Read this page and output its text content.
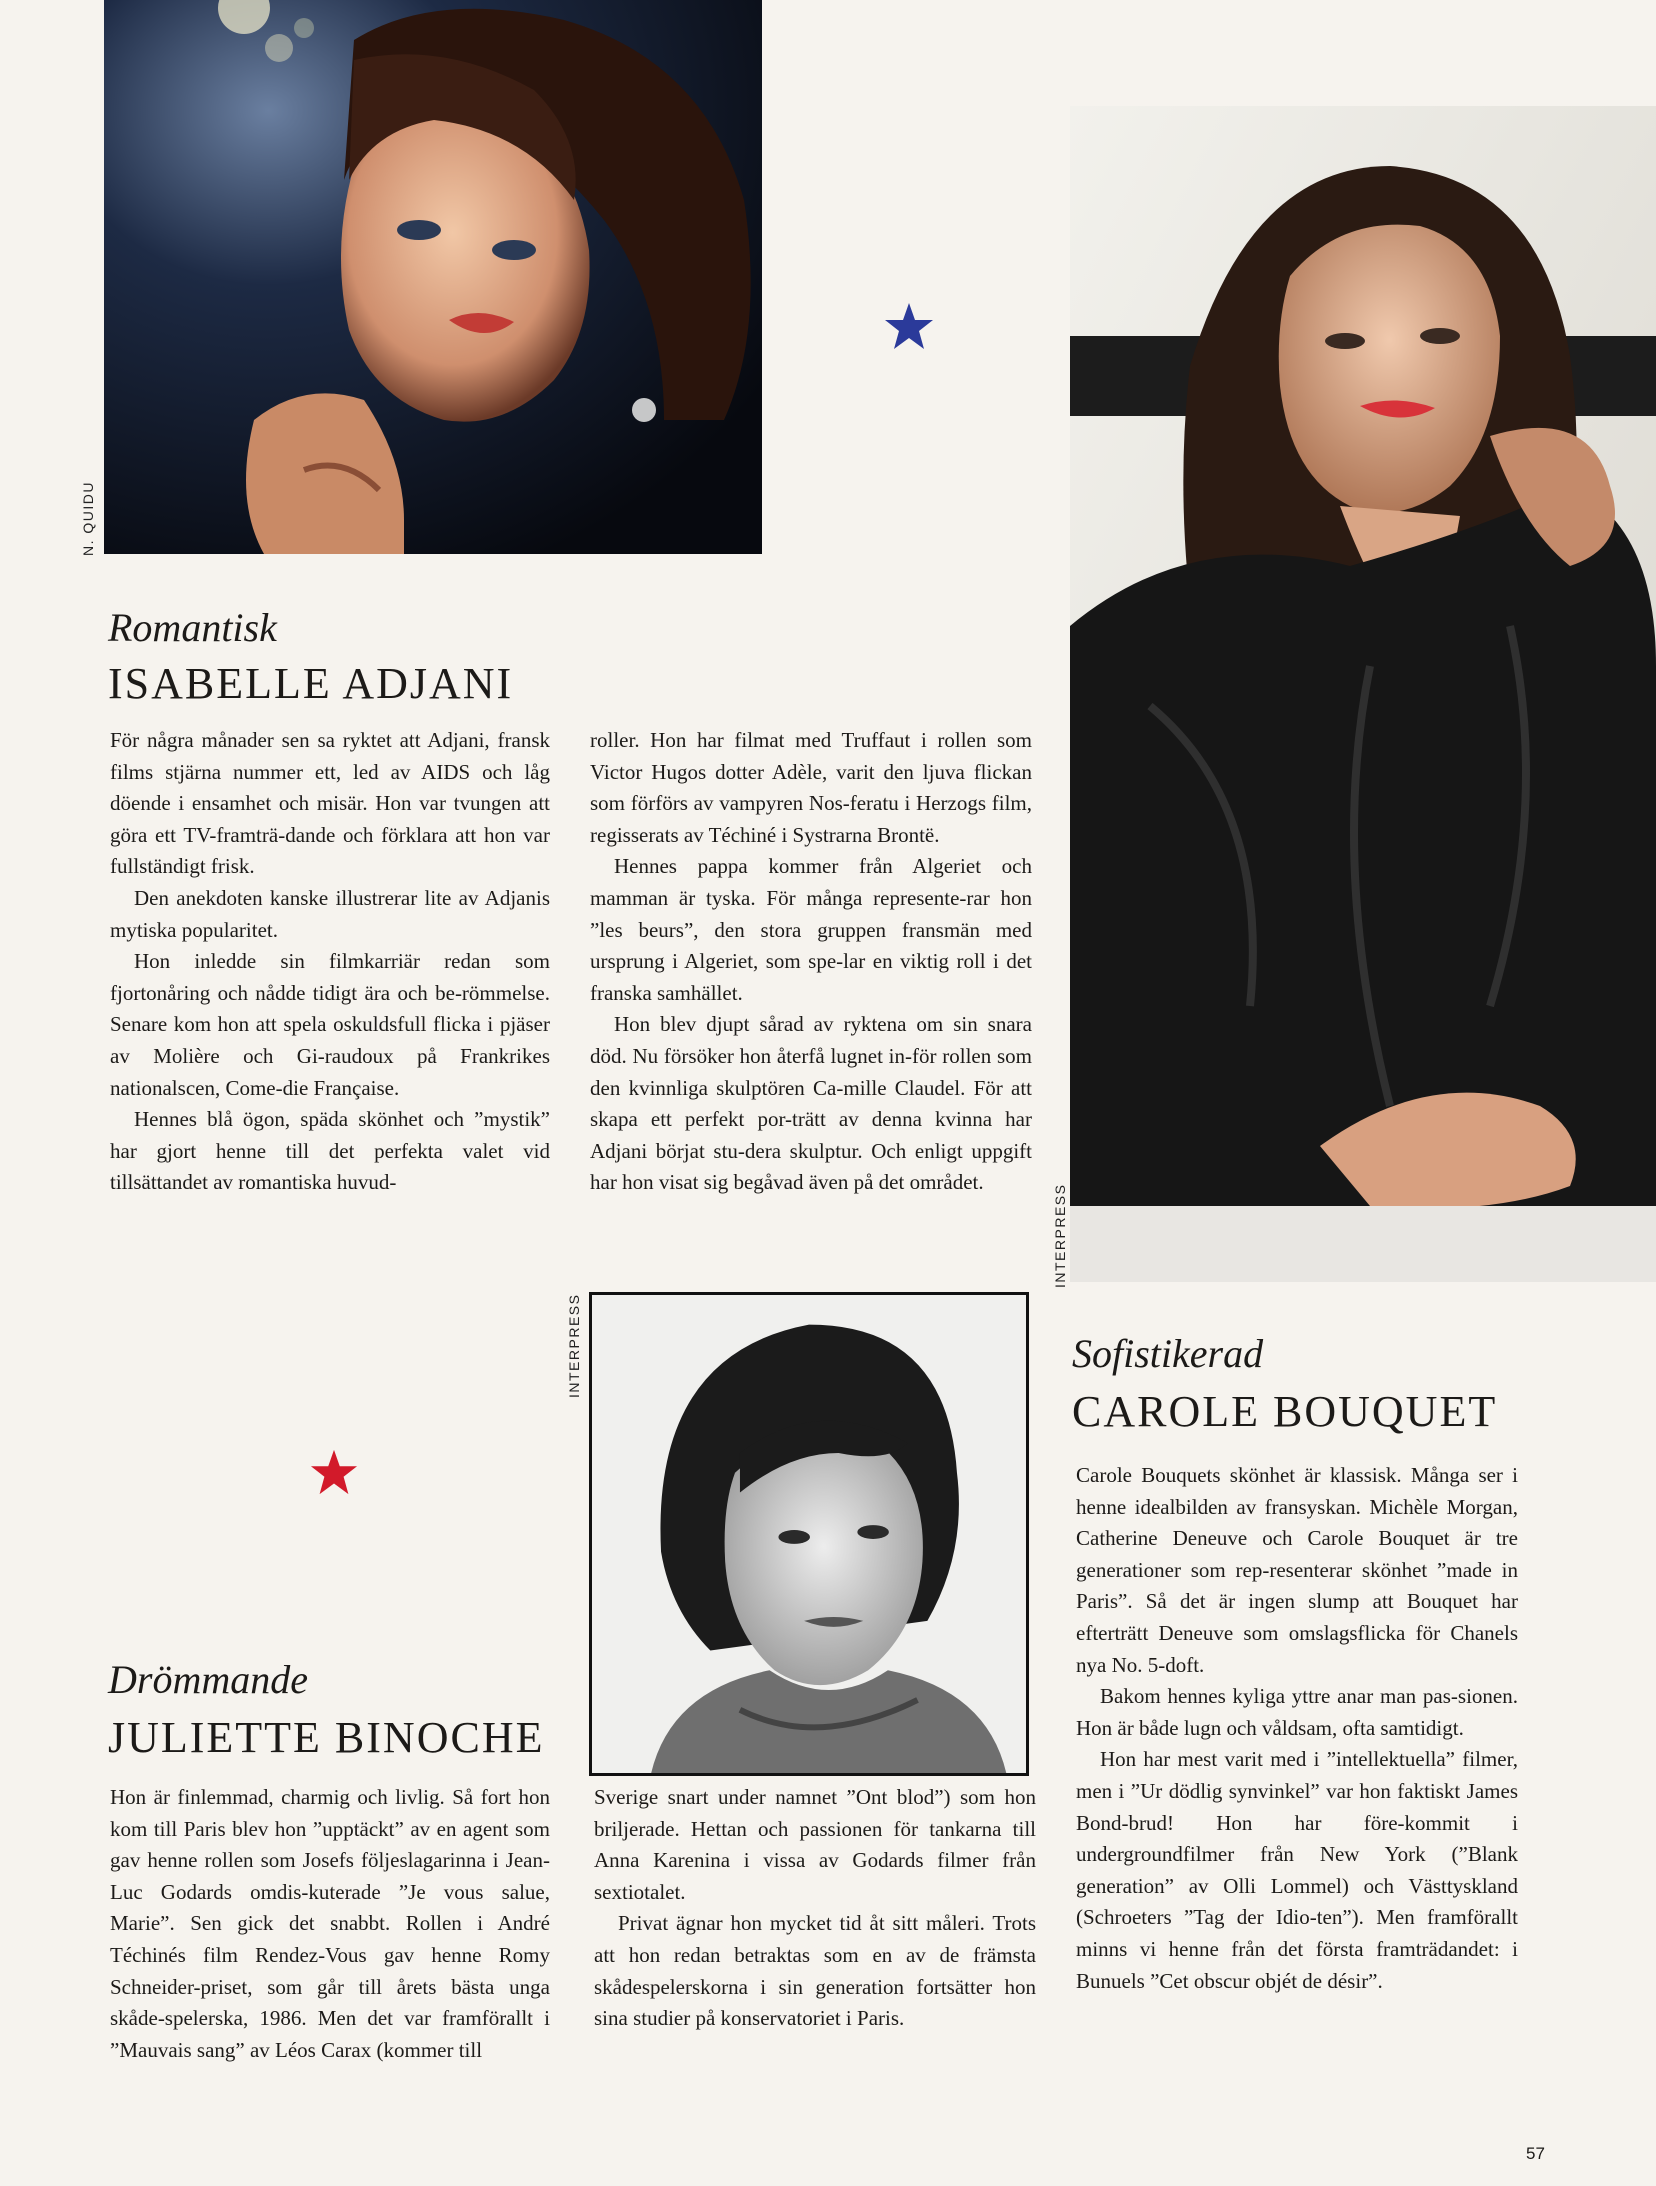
N. QUIDU
INTERPRESS
Romantisk
ISABELLE ADJANI

För några månader sen sa ryktet att Adjani, fransk films stjärna nummer ett, led av AIDS och låg döende i ensamhet och misär. Hon var tvungen att göra ett TV-framträ-dande och förklara att hon var fullständigt frisk.

Den anekdoten kanske illustrerar lite av Adjanis mytiska popularitet.

Hon inledde sin filmkarriär redan som fjortonåring och nådde tidigt ära och be-römmelse. Senare kom hon att spela oskuldsfull flicka i pjäser av Molière och Gi-raudoux på Frankrikes nationalscen, Come-die Française.

Hennes blå ögon, späda skönhet och ”mystik” har gjort henne till det perfekta valet vid tillsättandet av romantiska huvud-

roller. Hon har filmat med Truffaut i rollen som Victor Hugos dotter Adèle, varit den ljuva flickan som förförs av vampyren Nos-feratu i Herzogs film, regisserats av Téchiné i Systrarna Brontë.

Hennes pappa kommer från Algeriet och mamman är tyska. För många represente-rar hon ”les beurs”, den stora gruppen fransmän med ursprung i Algeriet, som spe-lar en viktig roll i det franska samhället.

Hon blev djupt sårad av ryktena om sin snara död. Nu försöker hon återfå lugnet in-för rollen som den kvinnliga skulptören Ca-mille Claudel. För att skapa ett perfekt por-trätt av denna kvinna har Adjani börjat stu-dera skulptur. Och enligt uppgift har hon visat sig begåvad även på det området.

INTERPRESS	Sofistikerad
CAROLE BOUQUET

Carole Bouquets skönhet är klassisk. Många ser i henne idealbilden av fransyskan. Michèle Morgan, Catherine Deneuve och Carole Bouquet är tre generationer som rep-resenterar skönhet ”made in Paris”. Så det är ingen slump att Bouquet har efterträtt Deneuve som omslagsflicka för Chanels nya No. 5-doft.

Bakom hennes kyliga yttre anar man pas-sionen. Hon är både lugn och våldsam, ofta samtidigt.

Hon har mest varit med i ”intellektuella” filmer, men i ”Ur dödlig synvinkel” var hon faktiskt James Bond-brud! Hon har före-kommit i undergroundfilmer från New York (”Blank generation” av Olli Lommel) och Västtyskland (Schroeters ”Tag der Idio-ten”). Men framförallt minns vi henne från det första framträdandet: i Bunuels ”Cet obscur objét de désir”.

Drömmande
JULIETTE BINOCHE

Hon är finlemmad, charmig och livlig. Så fort hon kom till Paris blev hon ”upptäckt” av en agent som gav henne rollen som Josefs följeslagarinna i Jean-Luc Godards omdis-kuterade ”Je vous salue, Marie”. Sen gick det snabbt. Rollen i André Téchinés film Rendez-Vous gav henne Romy Schneider-priset, som går till årets bästa unga skåde-spelerska, 1986. Men det var framförallt i ”Mauvais sang” av Léos Carax (kommer till

Sverige snart under namnet ”Ont blod”) som hon briljerade. Hettan och passionen för tankarna till Anna Karenina i vissa av Godards filmer från sextiotalet.

Privat ägnar hon mycket tid åt sitt måleri. Trots att hon redan betraktas som en av de främsta skådespelerskorna i sin generation fortsätter hon sina studier på konservatoriet i Paris.

57
